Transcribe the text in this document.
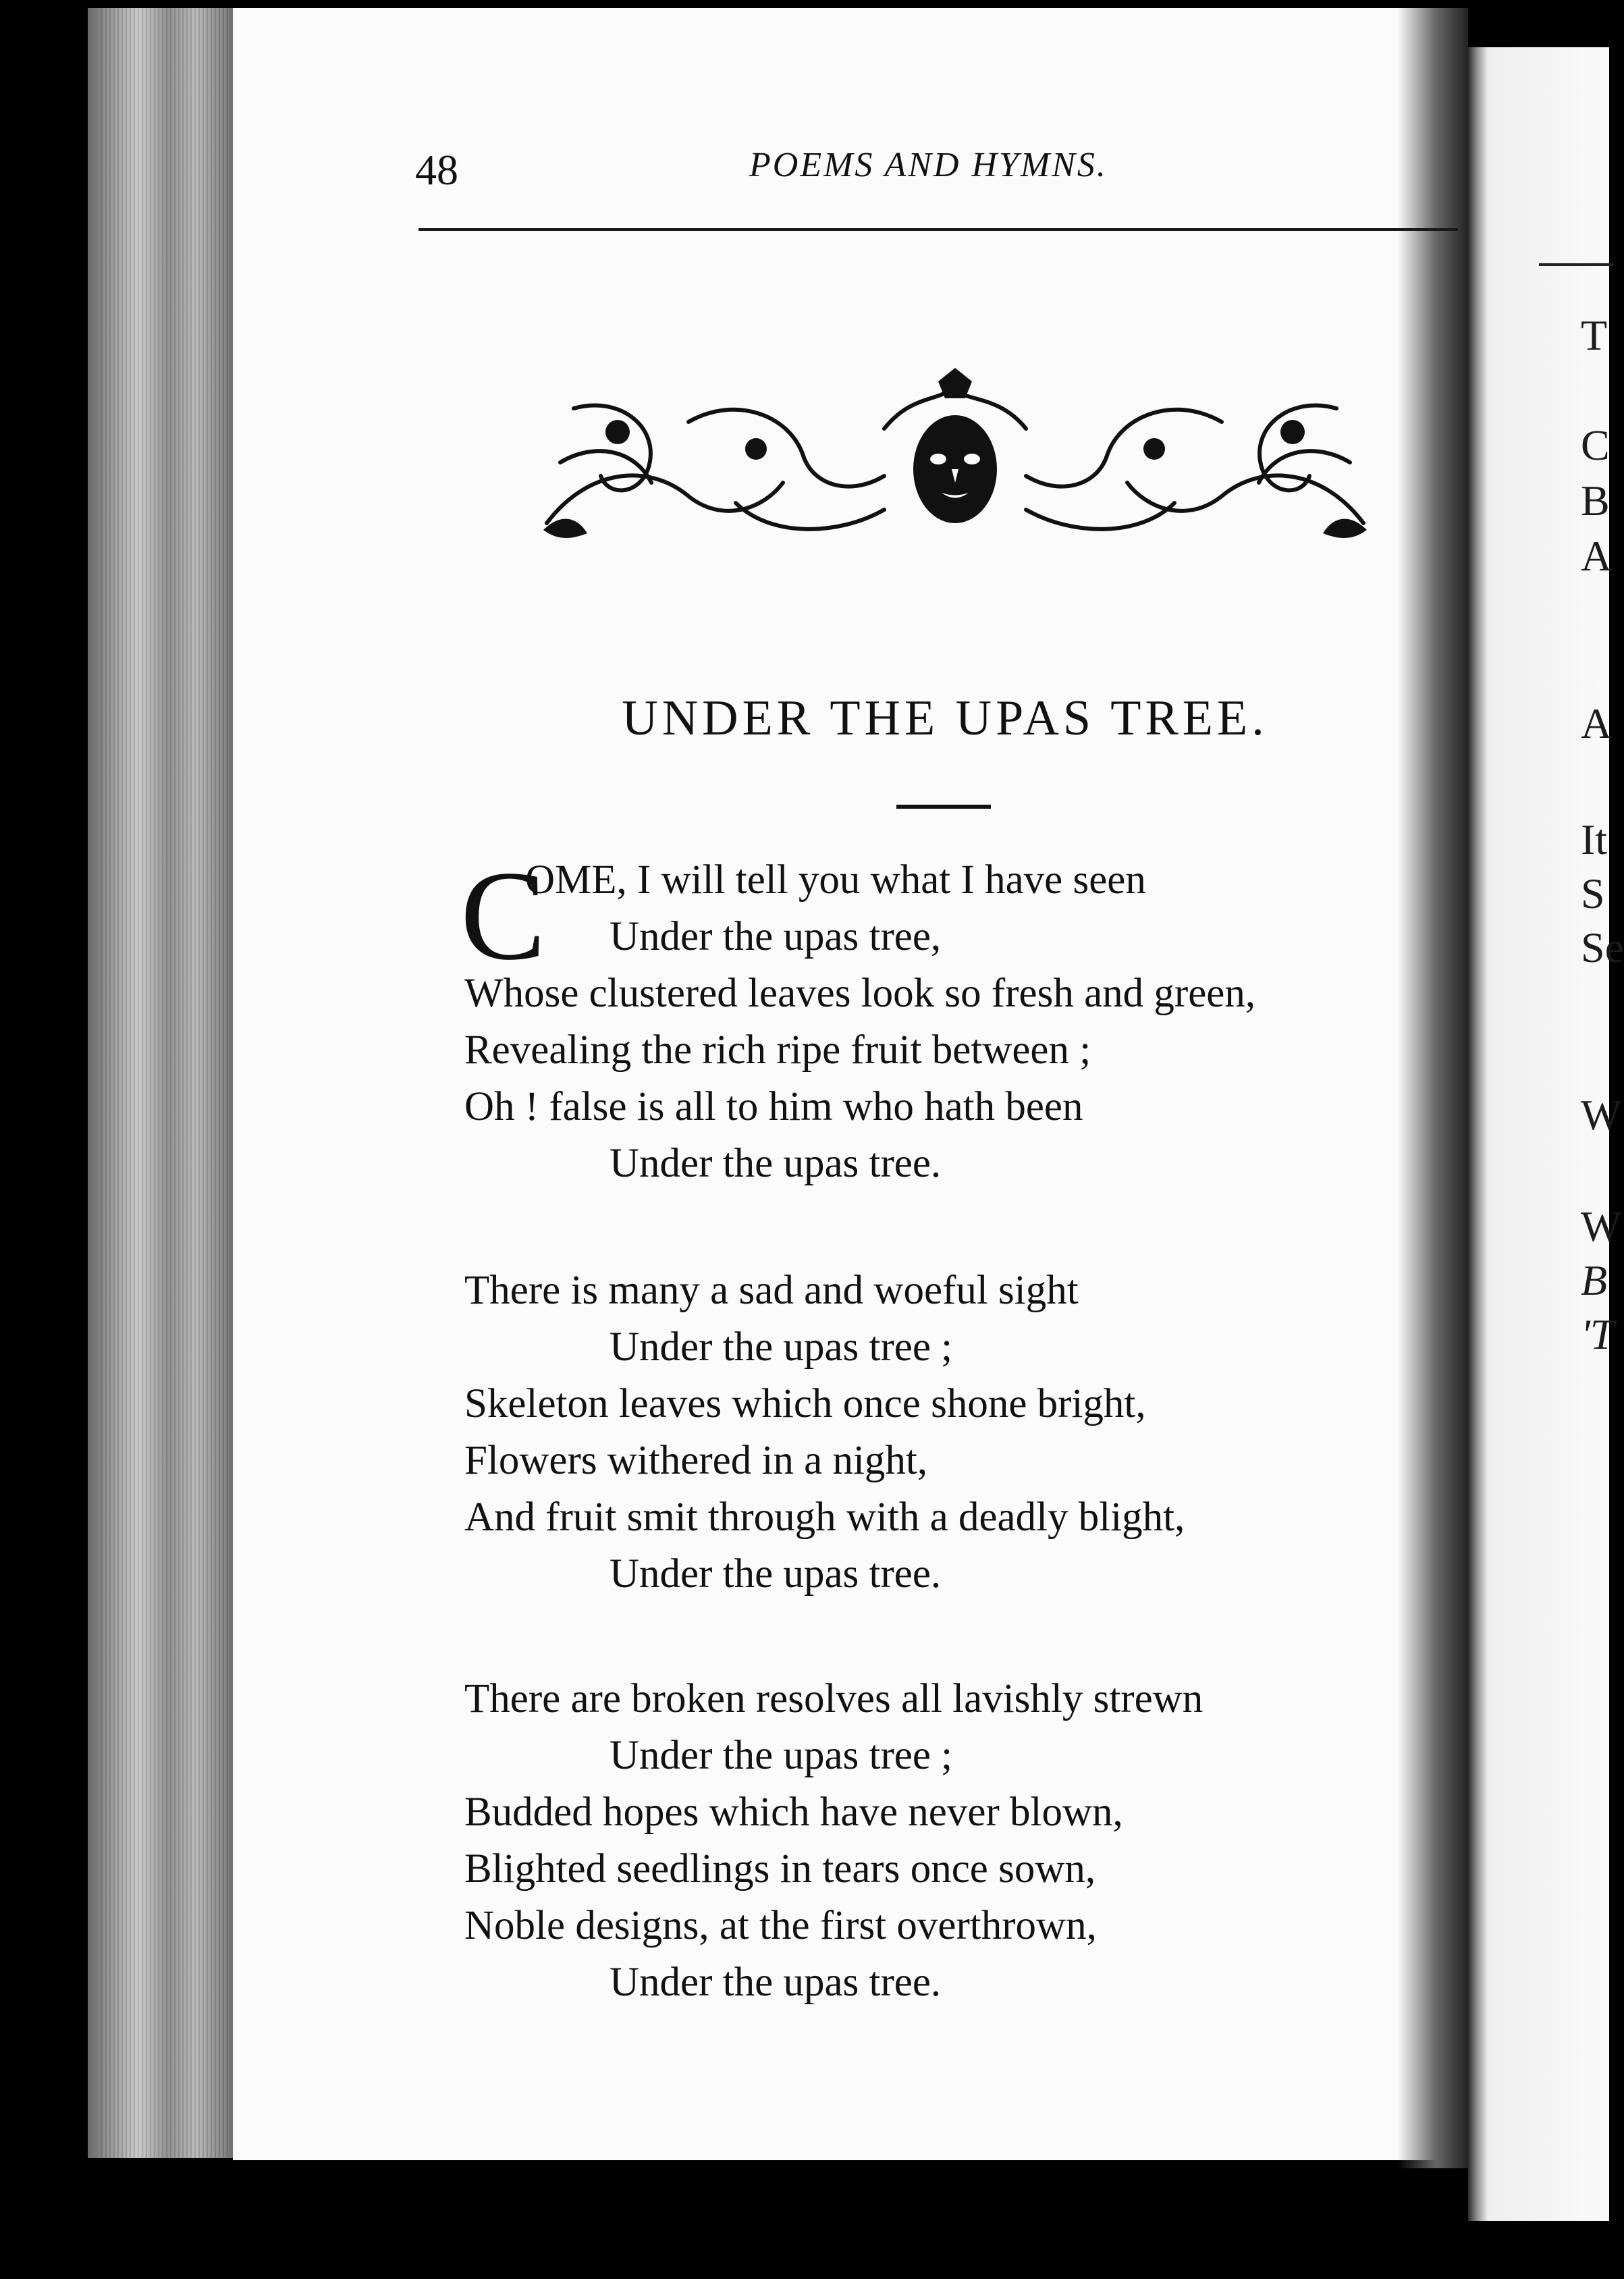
T
C
B
A
A
It
S
Se
W
W
B
'T
48	POEMS AND HYMNS.
UNDER THE UPAS TREE.
C
OME, I will tell you what I have seen
Under the upas tree,
Whose clustered leaves look so fresh and green,
Revealing the rich ripe fruit between ;
Oh ! false is all to him who hath been
Under the upas tree.
There is many a sad and woeful sight
Under the upas tree ;
Skeleton leaves which once shone bright,
Flowers withered in a night,
And fruit smit through with a deadly blight,
Under the upas tree.
There are broken resolves all lavishly strewn
Under the upas tree ;
Budded hopes which have never blown,
Blighted seedlings in tears once sown,
Noble designs, at the first overthrown,
Under the upas tree.
